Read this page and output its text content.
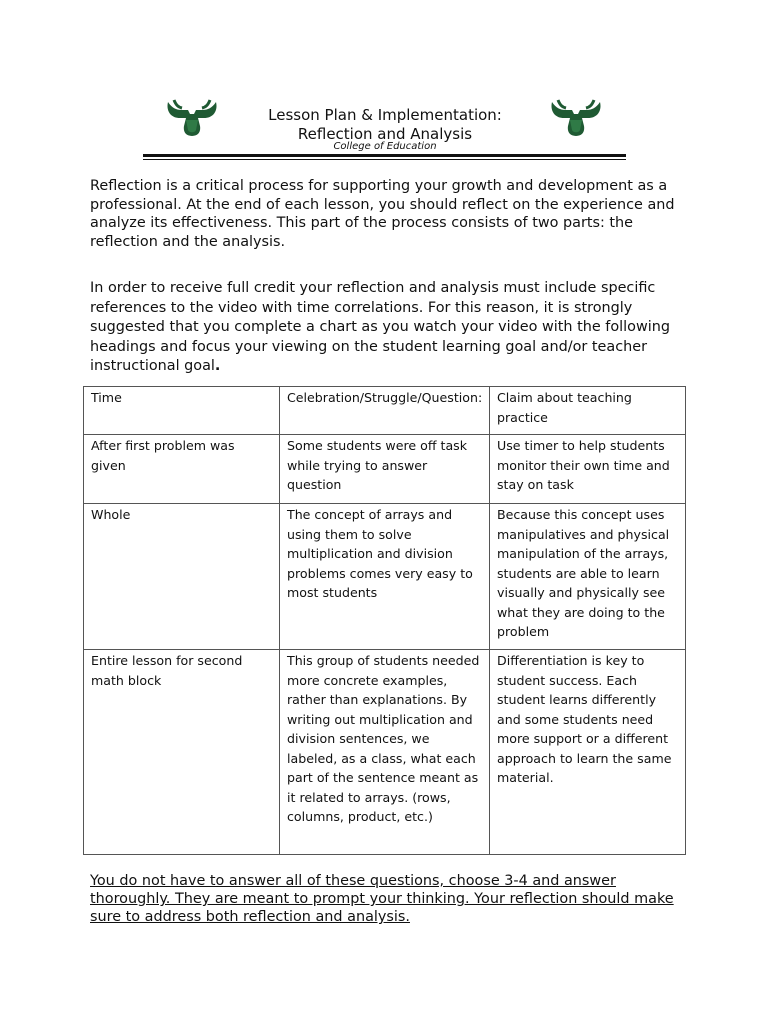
Lesson Plan & Implementation:
Reflection and Analysis
College of Education

Reflection is a critical process for supporting your growth and development as a professional. At the end of each lesson, you should reflect on the experience and analyze its effectiveness. This part of the process consists of two parts: the reflection and the analysis.

In order to receive full credit your reflection and analysis must include specific references to the video with time correlations. For this reason, it is strongly suggested that you complete a chart as you watch your video with the following headings and focus your viewing on the student learning goal and/or teacher instructional goal.

Time	Celebration/Struggle/Question:	Claim about teaching practice
After first problem was given	Some students were off task while trying to answer question	Use timer to help students monitor their own time and stay on task
Whole	The concept of arrays and using them to solve multiplication and division problems comes very easy to most students	Because this concept uses manipulatives and physical manipulation of the arrays, students are able to learn visually and physically see what they are doing to the problem
Entire lesson for second math block	This group of students needed more concrete examples, rather than explanations. By writing out multiplication and division sentences, we labeled, as a class, what each part of the sentence meant as it related to arrays. (rows, columns, product, etc.)	Differentiation is key to student success. Each student learns differently and some students need more support or a different approach to learn the same material.

You do not have to answer all of these questions, choose 3-4 and answer thoroughly. They are meant to prompt your thinking. Your reflection should make sure to address both reflection and analysis.
